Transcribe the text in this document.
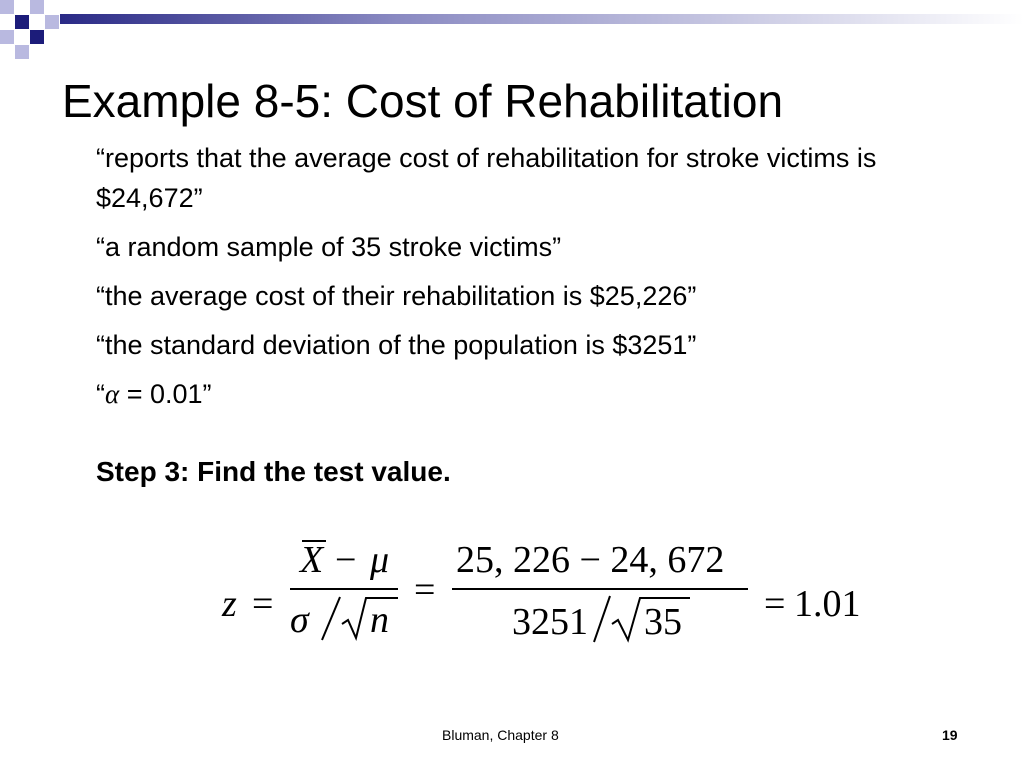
Example 8-5: Cost of Rehabilitation
“reports that the average cost of rehabilitation for stroke victims is $24,672”
“a random sample of 35 stroke victims”
“the average cost of their rehabilitation is $25,226”
“the standard deviation of the population is $3251”
“α = 0.01”
Step 3: Find the test value.
z =
X − μ
σ n
=
25, 226 − 24, 672
3251 35 = 1.01
Bluman, Chapter 8	19
